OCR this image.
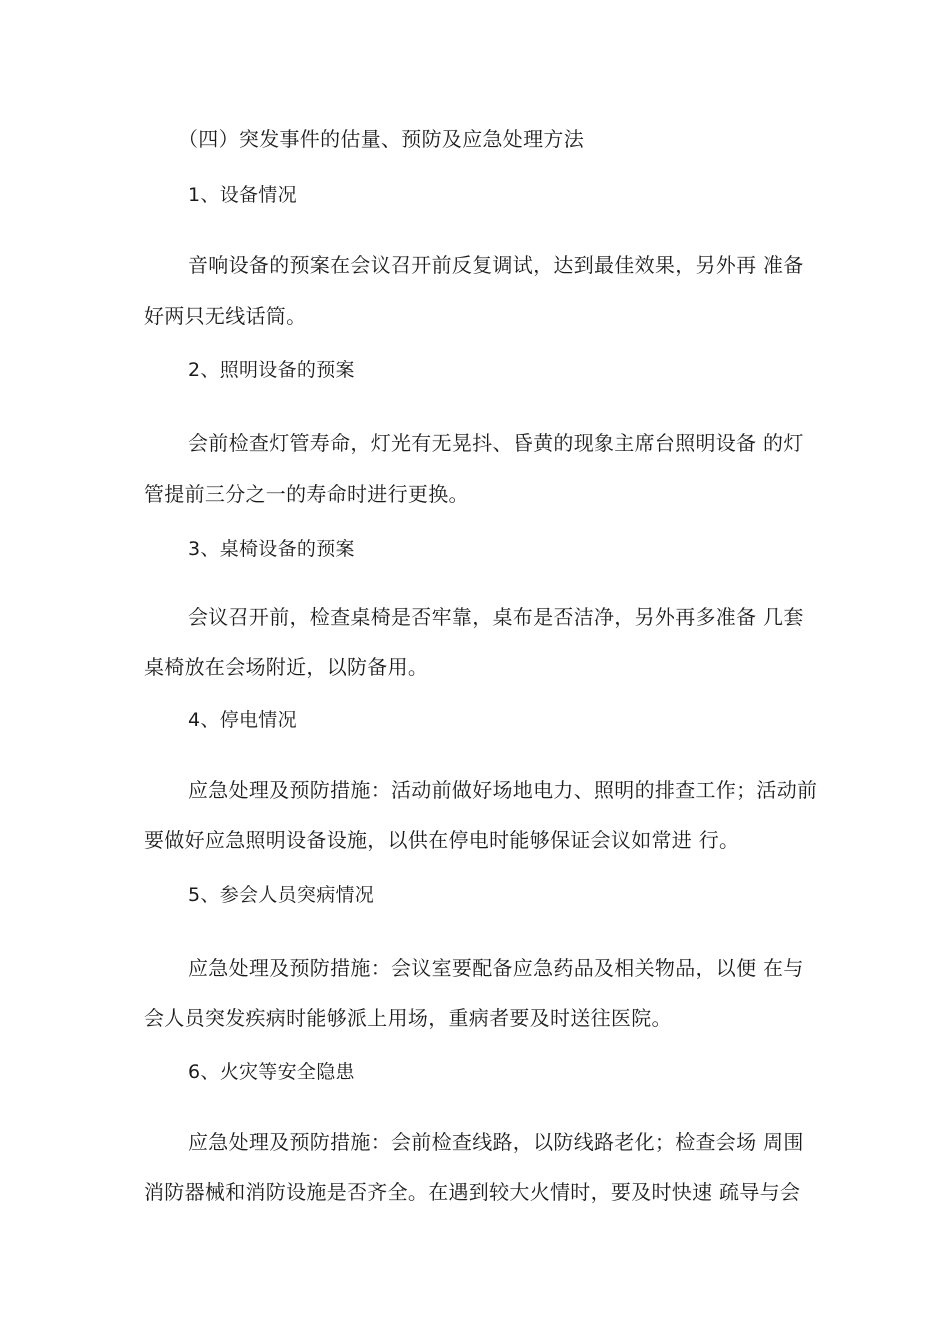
（四）突发事件的估量、预防及应急处理方法
1、设备情况
音响设备的预案在会议召开前反复调试，达到最佳效果，另外再 准备
好两只无线话筒。
2、照明设备的预案
会前检查灯管寿命，灯光有无晃抖、昏黄的现象主席台照明设备 的灯
管提前三分之一的寿命时进行更换。
3、桌椅设备的预案
会议召开前，检查桌椅是否牢靠，桌布是否洁净，另外再多准备 几套
桌椅放在会场附近，以防备用。
4、停电情况
应急处理及预防措施：活动前做好场地电力、照明的排查工作；活动前
要做好应急照明设备设施，以供在停电时能够保证会议如常进 行。
5、参会人员突病情况
应急处理及预防措施：会议室要配备应急药品及相关物品，以便 在与
会人员突发疾病时能够派上用场，重病者要及时送往医院。
6、火灾等安全隐患
应急处理及预防措施：会前检查线路，以防线路老化；检查会场 周围
消防器械和消防设施是否齐全。在遇到较大火情时，要及时快速 疏导与会
